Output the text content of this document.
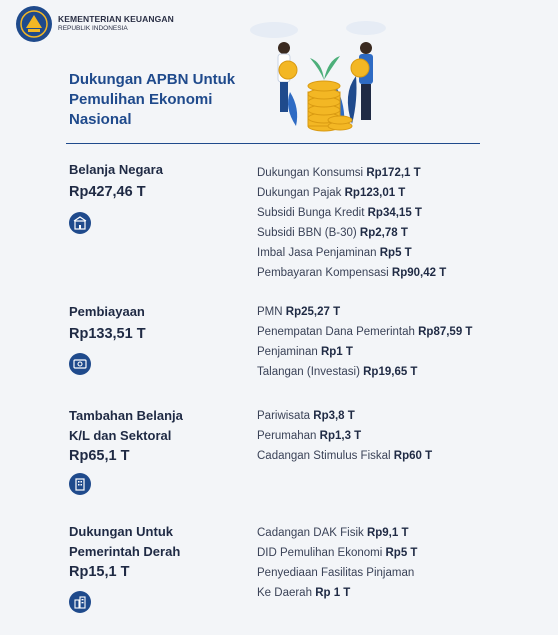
KEMENTERIAN KEUANGAN
REPUBLIK INDONESIA
Dukungan APBN Untuk
Pemulihan Ekonomi
Nasional
Belanja Negara
Rp427,46 T
Dukungan Konsumsi Rp172,1 T
Dukungan Pajak Rp123,01 T
Subsidi Bunga Kredit Rp34,15 T
Subsidi BBN (B-30) Rp2,78 T
Imbal Jasa Penjaminan Rp5 T
Pembayaran Kompensasi Rp90,42 T
Pembiayaan
Rp133,51 T
PMN Rp25,27 T
Penempatan Dana Pemerintah Rp87,59 T
Penjaminan Rp1 T
Talangan (Investasi) Rp19,65 T
Tambahan Belanja
K/L dan Sektoral
Rp65,1 T
Pariwisata Rp3,8 T
Perumahan Rp1,3 T
Cadangan Stimulus Fiskal Rp60 T
Dukungan Untuk
Pemerintah Derah
Rp15,1 T
Cadangan DAK Fisik Rp9,1 T
DID Pemulihan Ekonomi Rp5 T
Penyediaan Fasilitas Pinjaman
Ke Daerah Rp 1 T
